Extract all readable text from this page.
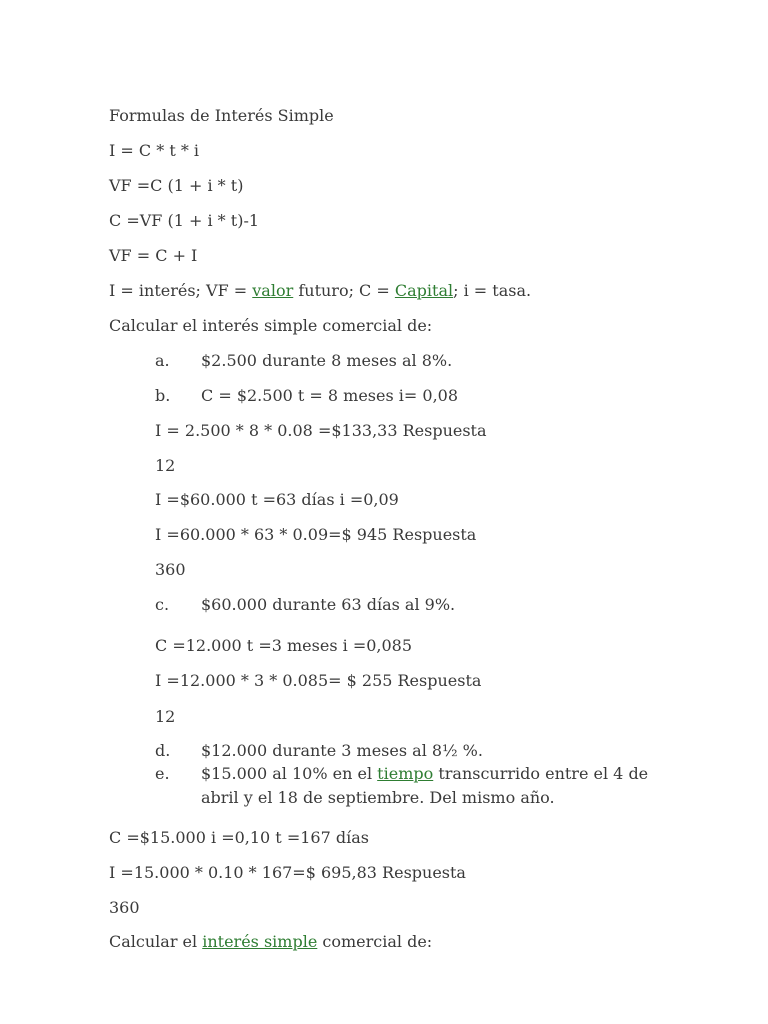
Formulas de Interés Simple
I = C * t * i
VF =C (1 + i * t)
C =VF (1 + i * t)-1
VF = C + I
I = interés; VF = valor futuro; C = Capital; i = tasa.
Calcular el interés simple comercial de:
a. $2.500 durante 8 meses al 8%.
b. C = $2.500 t = 8 meses i= 0,08
I = 2.500 * 8 * 0.08 =$133,33 Respuesta
12
I =$60.000 t =63 días i =0,09
I =60.000 * 63 * 0.09=$ 945 Respuesta
360
c. $60.000 durante 63 días al 9%.
C =12.000 t =3 meses i =0,085
I =12.000 * 3 * 0.085= $ 255 Respuesta
12
d. $12.000 durante 3 meses al 8½ %.
e. $15.000 al 10% en el tiempo transcurrido entre el 4 de abril y el 18 de septiembre. Del mismo año.
C =$15.000 i =0,10 t =167 días
I =15.000 * 0.10 * 167=$ 695,83 Respuesta
360
Calcular el interés simple comercial de:
